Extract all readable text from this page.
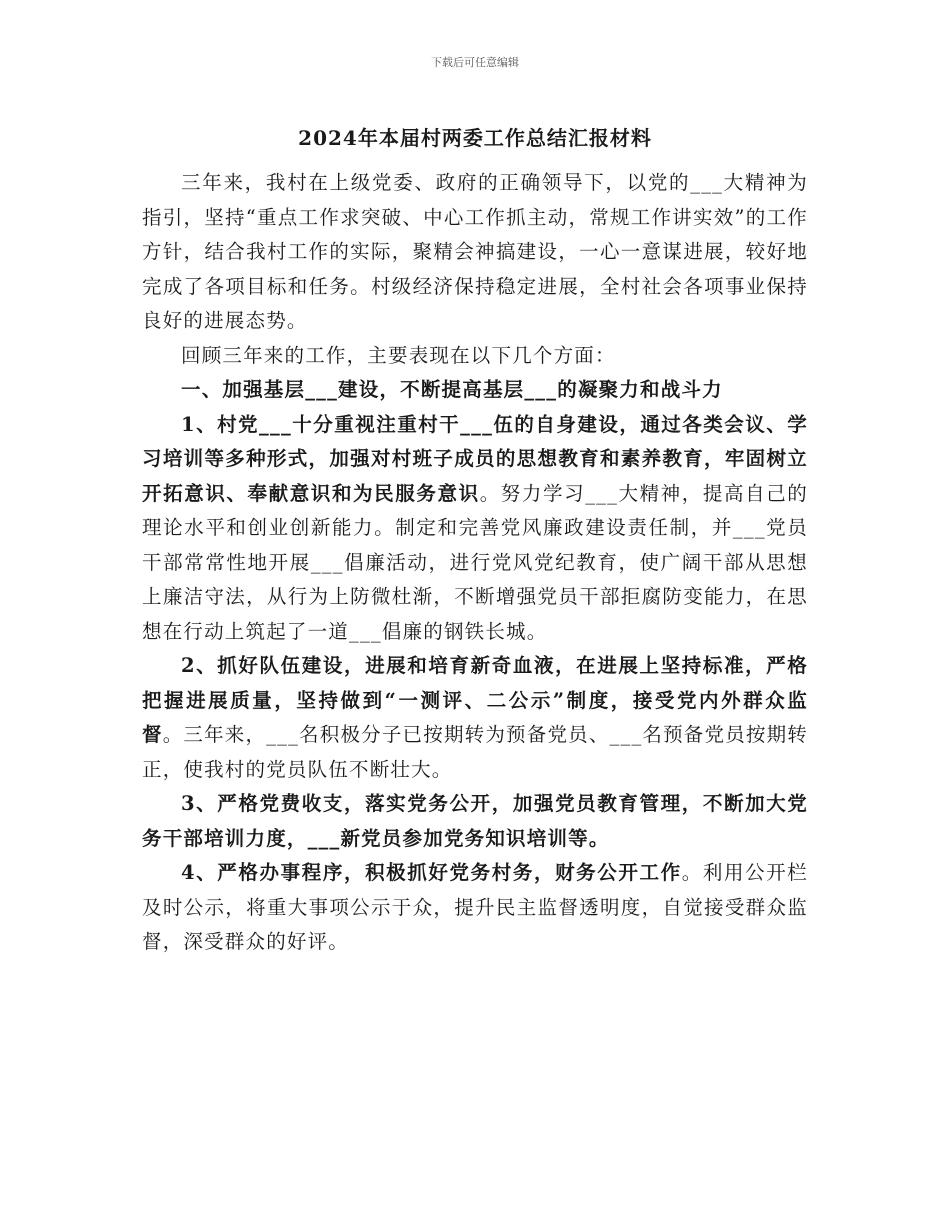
下载后可任意编辑
2024年本届村两委工作总结汇报材料

三年来，我村在上级党委、政府的正确领导下，以党的___大精神为指引，坚持“重点工作求突破、中心工作抓主动，常规工作讲实效”的工作方针，结合我村工作的实际，聚精会神搞建设，一心一意谋进展，较好地完成了各项目标和任务。村级经济保持稳定进展，全村社会各项事业保持良好的进展态势。

回顾三年来的工作，主要表现在以下几个方面：

一、加强基层___建设，不断提高基层___的凝聚力和战斗力

1、村党___十分重视注重村干___伍的自身建设，通过各类会议、学习培训等多种形式，加强对村班子成员的思想教育和素养教育，牢固树立开拓意识、奉献意识和为民服务意识。努力学习___大精神，提高自己的理论水平和创业创新能力。制定和完善党风廉政建设责任制，并___党员干部常常性地开展___倡廉活动，进行党风党纪教育，使广阔干部从思想上廉洁守法，从行为上防微杜渐，不断增强党员干部拒腐防变能力，在思想在行动上筑起了一道___倡廉的钢铁长城。

2、抓好队伍建设，进展和培育新奇血液，在进展上坚持标准，严格把握进展质量，坚持做到“一测评、二公示”制度，接受党内外群众监督。三年来，___名积极分子已按期转为预备党员、___名预备党员按期转正，使我村的党员队伍不断壮大。

3、严格党费收支，落实党务公开，加强党员教育管理，不断加大党务干部培训力度，___新党员参加党务知识培训等。

4、严格办事程序，积极抓好党务村务，财务公开工作。利用公开栏及时公示，将重大事项公示于众，提升民主监督透明度，自觉接受群众监督，深受群众的好评。
